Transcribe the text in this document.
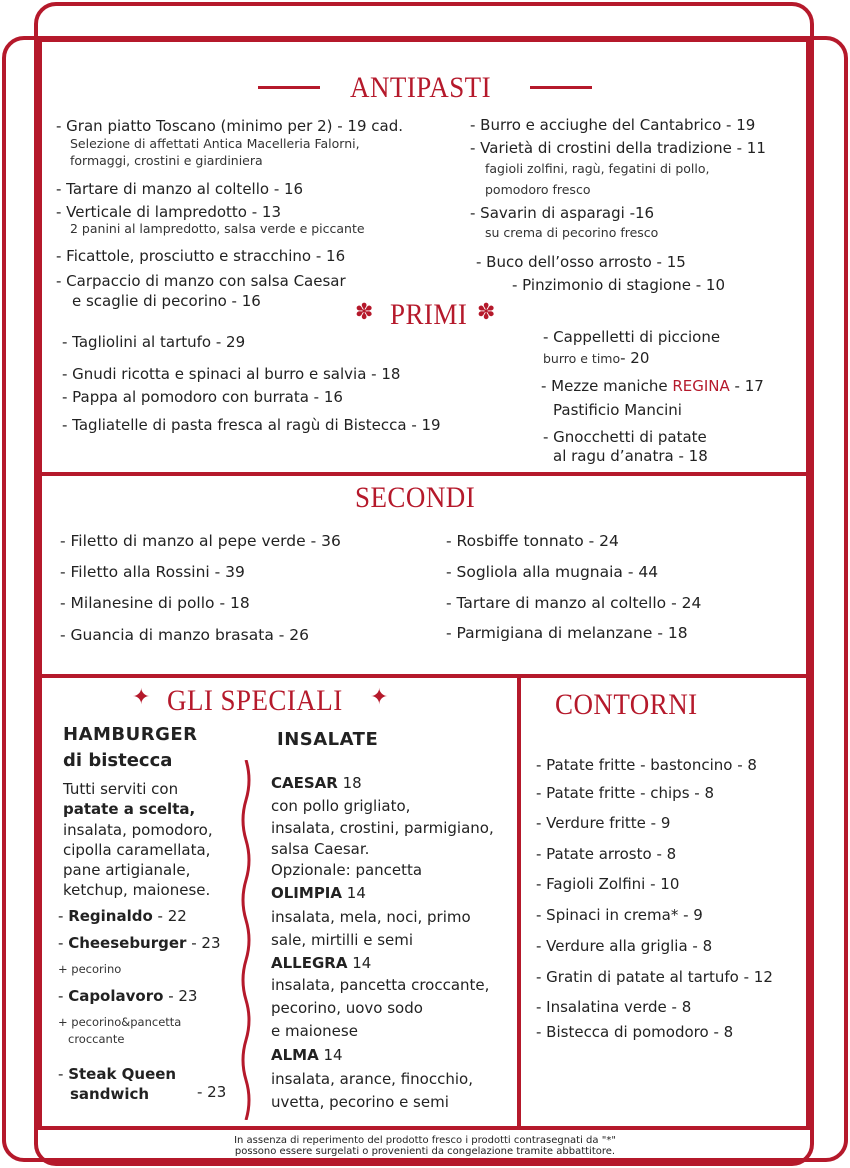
ANTIPASTI
- Gran piatto Toscano (minimo per 2) - 19 cad.
Selezione di affettati Antica Macelleria Falorni,
formaggi, crostini e giardiniera
- Tartare di manzo al coltello - 16
- Verticale di lampredotto - 13
2 panini al lampredotto, salsa verde e piccante
- Ficattole, prosciutto e stracchino - 16
- Carpaccio di manzo con salsa Caesar
e scaglie di pecorino - 16
- Burro e acciughe del Cantabrico - 19
- Varietà di crostini della tradizione - 11
fagioli zolfini, ragù, fegatini di pollo,
pomodoro fresco
- Savarin di asparagi -16
su crema di pecorino fresco
- Buco dell’osso arrosto - 15
- Pinzimonio di stagione - 10
✽ PRIMI ✽
- Tagliolini al tartufo - 29
- Gnudi ricotta e spinaci al burro e salvia - 18
- Pappa al pomodoro con burrata - 16
- Tagliatelle di pasta fresca al ragù di Bistecca - 19
- Cappelletti di piccione
burro e timo- 20
- Mezze maniche REGINA - 17
Pastificio Mancini
- Gnocchetti di patate
al ragu d’anatra - 18
SECONDI
- Filetto di manzo al pepe verde - 36
- Filetto alla Rossini - 39
- Milanesine di pollo - 18
- Guancia di manzo brasata - 26
- Rosbiffe tonnato - 24
- Sogliola alla mugnaia - 44
- Tartare di manzo al coltello - 24
- Parmigiana di melanzane - 18
✦ GLI SPECIALI ✦
HAMBURGER
di bistecca
Tutti serviti con
patate a scelta,
insalata, pomodoro,
cipolla caramellata,
pane artigianale,
ketchup, maionese.
- Reginaldo - 22
- Cheeseburger - 23
+ pecorino
- Capolavoro - 23
+ pecorino&pancetta
croccante
- Steak Queen
sandwich	- 23
INSALATE
CAESAR 18
con pollo grigliato,
insalata, crostini, parmigiano,
salsa Caesar.
Opzionale: pancetta
OLIMPIA 14
insalata, mela, noci, primo
sale, mirtilli e semi
ALLEGRA 14
insalata, pancetta croccante,
pecorino, uovo sodo
e maionese
ALMA 14
insalata, arance, finocchio,
uvetta, pecorino e semi
CONTORNI
- Patate fritte - bastoncino - 8
- Patate fritte - chips - 8
- Verdure fritte - 9
- Patate arrosto - 8
- Fagioli Zolfini - 10
- Spinaci in crema* - 9
- Verdure alla griglia - 8
- Gratin di patate al tartufo - 12
- Insalatina verde - 8
- Bistecca di pomodoro - 8
In assenza di reperimento del prodotto fresco i prodotti contrasegnati da "*"
possono essere surgelati o provenienti da congelazione tramite abbattitore.
